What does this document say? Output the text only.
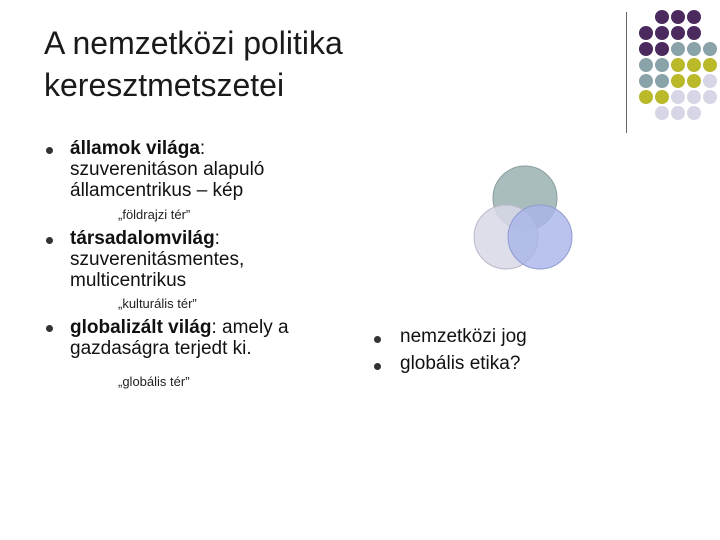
A nemzetközi politika
keresztmetszetei
államok világa:
szuverenitáson alapuló
államcentrikus – kép
„földrajzi tér”
társadalomvilág:
szuverenitásmentes,
multicentrikus
„kulturális tér”
globalizált világ: amely a
gazdaságra terjedt ki.
„globális tér”
nemzetközi jog
globális etika?
